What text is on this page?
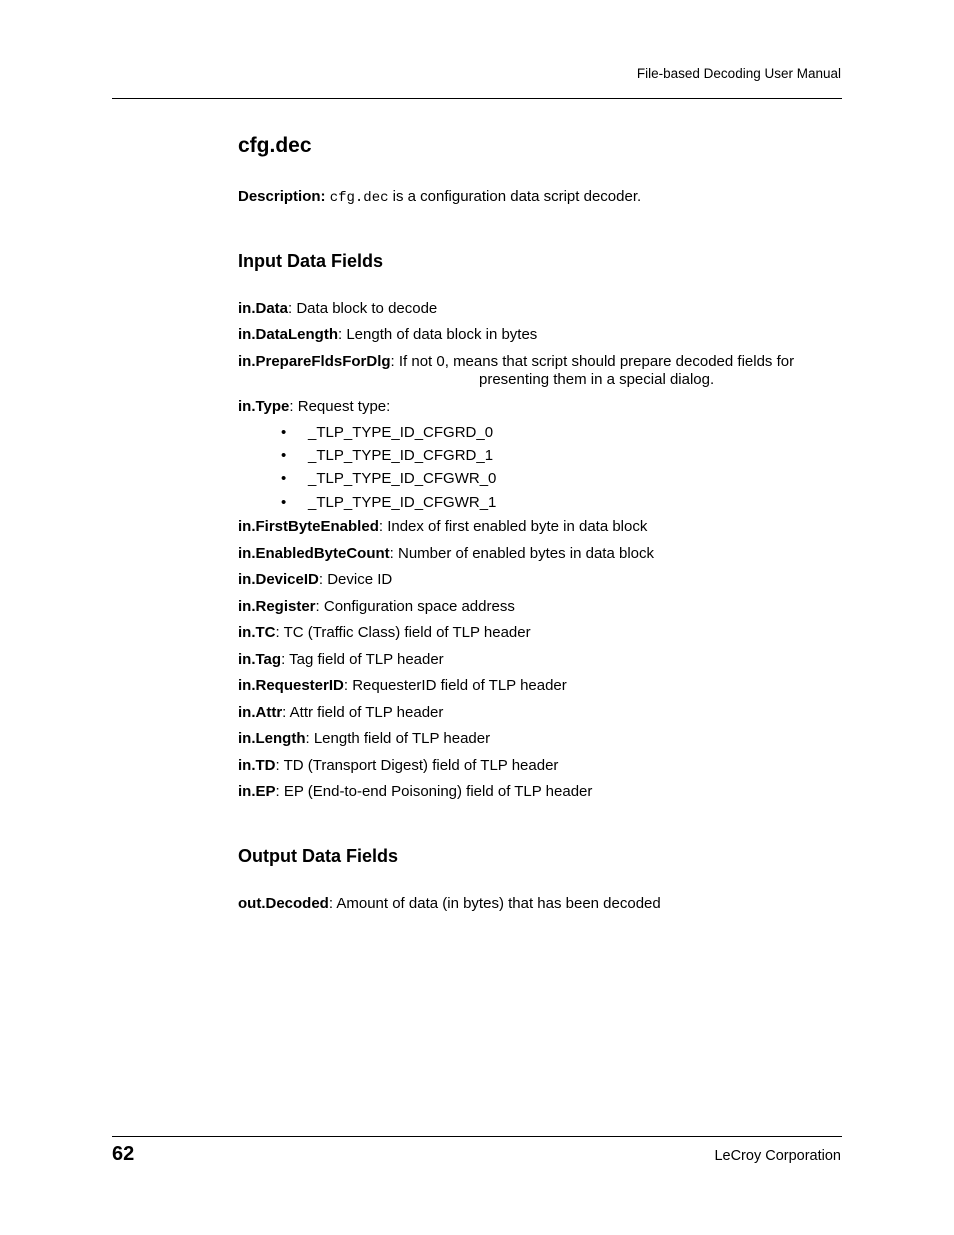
File-based Decoding User Manual
cfg.dec
Description: cfg.dec is a configuration data script decoder.
Input Data Fields
in.Data: Data block to decode
in.DataLength: Length of data block in bytes
in.PrepareFldsForDlg: If not 0, means that script should prepare decoded fields for
presenting them in a special dialog.
in.Type: Request type:
• _TLP_TYPE_ID_CFGRD_0
• _TLP_TYPE_ID_CFGRD_1
• _TLP_TYPE_ID_CFGWR_0
• _TLP_TYPE_ID_CFGWR_1
in.FirstByteEnabled: Index of first enabled byte in data block
in.EnabledByteCount: Number of enabled bytes in data block
in.DeviceID: Device ID
in.Register: Configuration space address
in.TC: TC (Traffic Class) field of TLP header
in.Tag: Tag field of TLP header
in.RequesterID: RequesterID field of TLP header
in.Attr: Attr field of TLP header
in.Length: Length field of TLP header
in.TD: TD (Transport Digest) field of TLP header
in.EP: EP (End-to-end Poisoning) field of TLP header
Output Data Fields
out.Decoded: Amount of data (in bytes) that has been decoded
62	LeCroy Corporation
